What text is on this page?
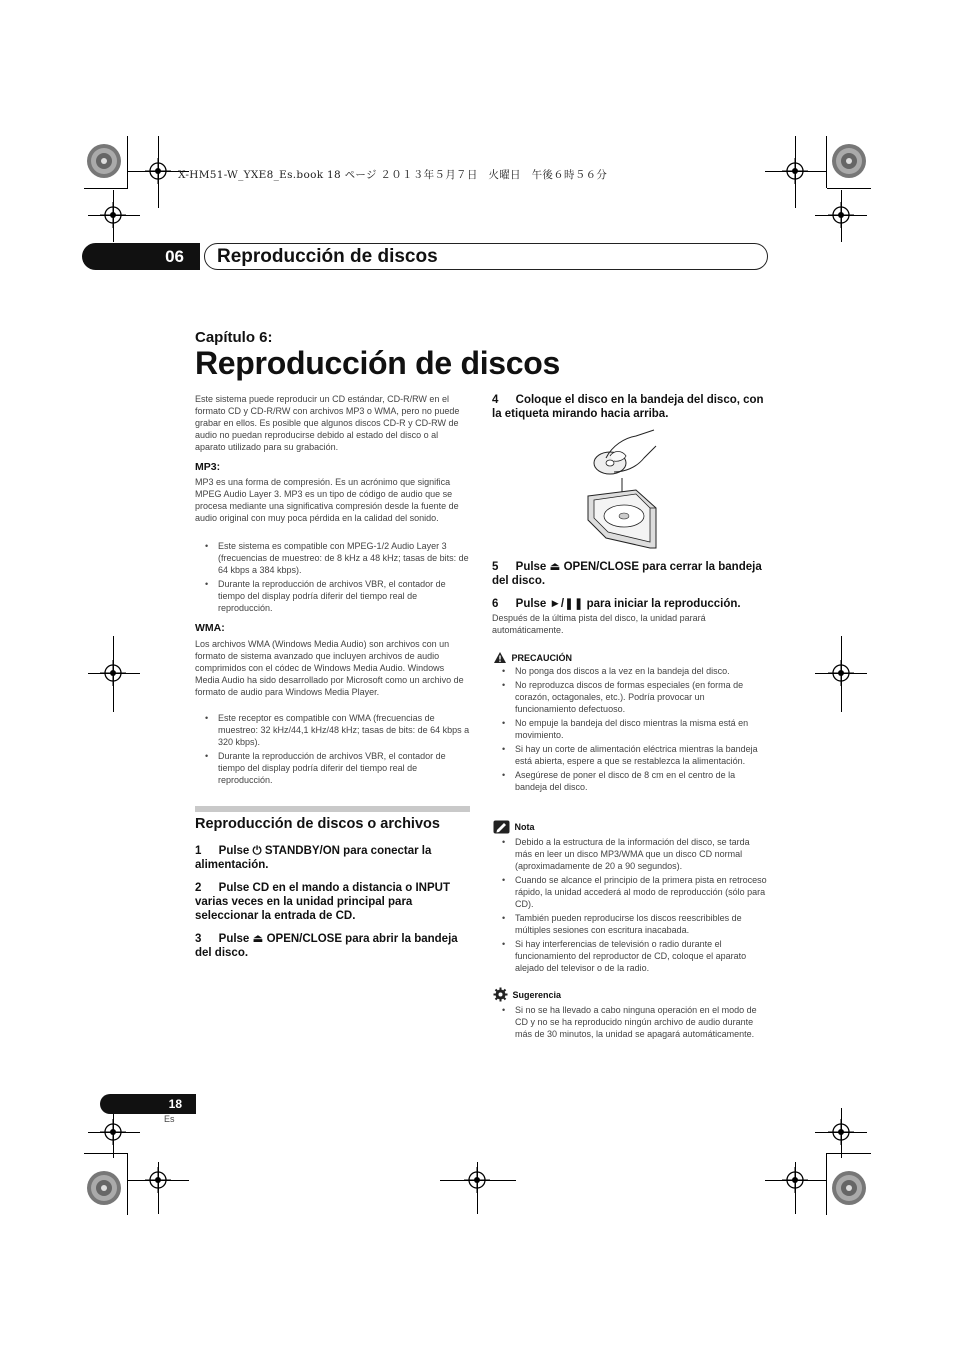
X-HM51-W_YXE8_Es.book 18 ページ ２０１３年５月７日　火曜日　午後６時５６分
06	Reproducción de discos
Capítulo 6:
Reproducción de discos
Este sistema puede reproducir un CD estándar, CD-R/RW en el formato CD y CD-R/RW con archivos MP3 o WMA, pero no puede grabar en ellos. Es posible que algunos discos CD-R y CD-RW de audio no puedan reproducirse debido al estado del disco o al aparato utilizado para su grabación.
MP3:
MP3 es una forma de compresión. Es un acrónimo que significa MPEG Audio Layer 3. MP3 es un tipo de código de audio que se procesa mediante una significativa compresión desde la fuente de audio original con muy poca pérdida en la calidad del sonido.
• Este sistema es compatible con MPEG-1/2 Audio Layer 3 (frecuencias de muestreo: de 8 kHz a 48 kHz; tasas de bits: de 64 kbps a 384 kbps).
• Durante la reproducción de archivos VBR, el contador de tiempo del display podría diferir del tiempo real de reproducción.
WMA:
Los archivos WMA (Windows Media Audio) son archivos con un formato de sistema avanzado que incluyen archivos de audio comprimidos con el códec de Windows Media Audio. Windows Media Audio ha sido desarrollado por Microsoft como un archivo de formato de audio para Windows Media Player.
• Este receptor es compatible con WMA (frecuencias de muestreo: 32 kHz/44,1 kHz/48 kHz; tasas de bits: de 64 kbps a 320 kbps).
• Durante la reproducción de archivos VBR, el contador de tiempo del display podría diferir del tiempo real de reproducción.
Reproducción de discos o archivos
1  Pulse ⏻ STANDBY/ON para conectar la alimentación.
2  Pulse CD en el mando a distancia o INPUT varias veces en la unidad principal para seleccionar la entrada de CD.
3  Pulse ⏏ OPEN/CLOSE para abrir la bandeja del disco.
4  Coloque el disco en la bandeja del disco, con la etiqueta mirando hacia arriba.
5  Pulse ⏏ OPEN/CLOSE para cerrar la bandeja del disco.
6  Pulse ►/❚❚ para iniciar la reproducción.
Después de la última pista del disco, la unidad parará automáticamente.
PRECAUCIÓN
• No ponga dos discos a la vez en la bandeja del disco.
• No reproduzca discos de formas especiales (en forma de corazón, octagonales, etc.). Podría provocar un funcionamiento defectuoso.
• No empuje la bandeja del disco mientras la misma está en movimiento.
• Si hay un corte de alimentación eléctrica mientras la bandeja está abierta, espere a que se restablezca la alimentación.
• Asegúrese de poner el disco de 8 cm en el centro de la bandeja del disco.
Nota
• Debido a la estructura de la información del disco, se tarda más en leer un disco MP3/WMA que un disco CD normal (aproximadamente de 20 a 90 segundos).
• Cuando se alcance el principio de la primera pista en retroceso rápido, la unidad accederá al modo de reproducción (sólo para CD).
• También pueden reproducirse los discos reescribibles de múltiples sesiones con escritura inacabada.
• Si hay interferencias de televisión o radio durante el funcionamiento del reproductor de CD, coloque el aparato alejado del televisor o de la radio.
Sugerencia
• Si no se ha llevado a cabo ninguna operación en el modo de CD y no se ha reproducido ningún archivo de audio durante más de 30 minutos, la unidad se apagará automáticamente.
18
Es
